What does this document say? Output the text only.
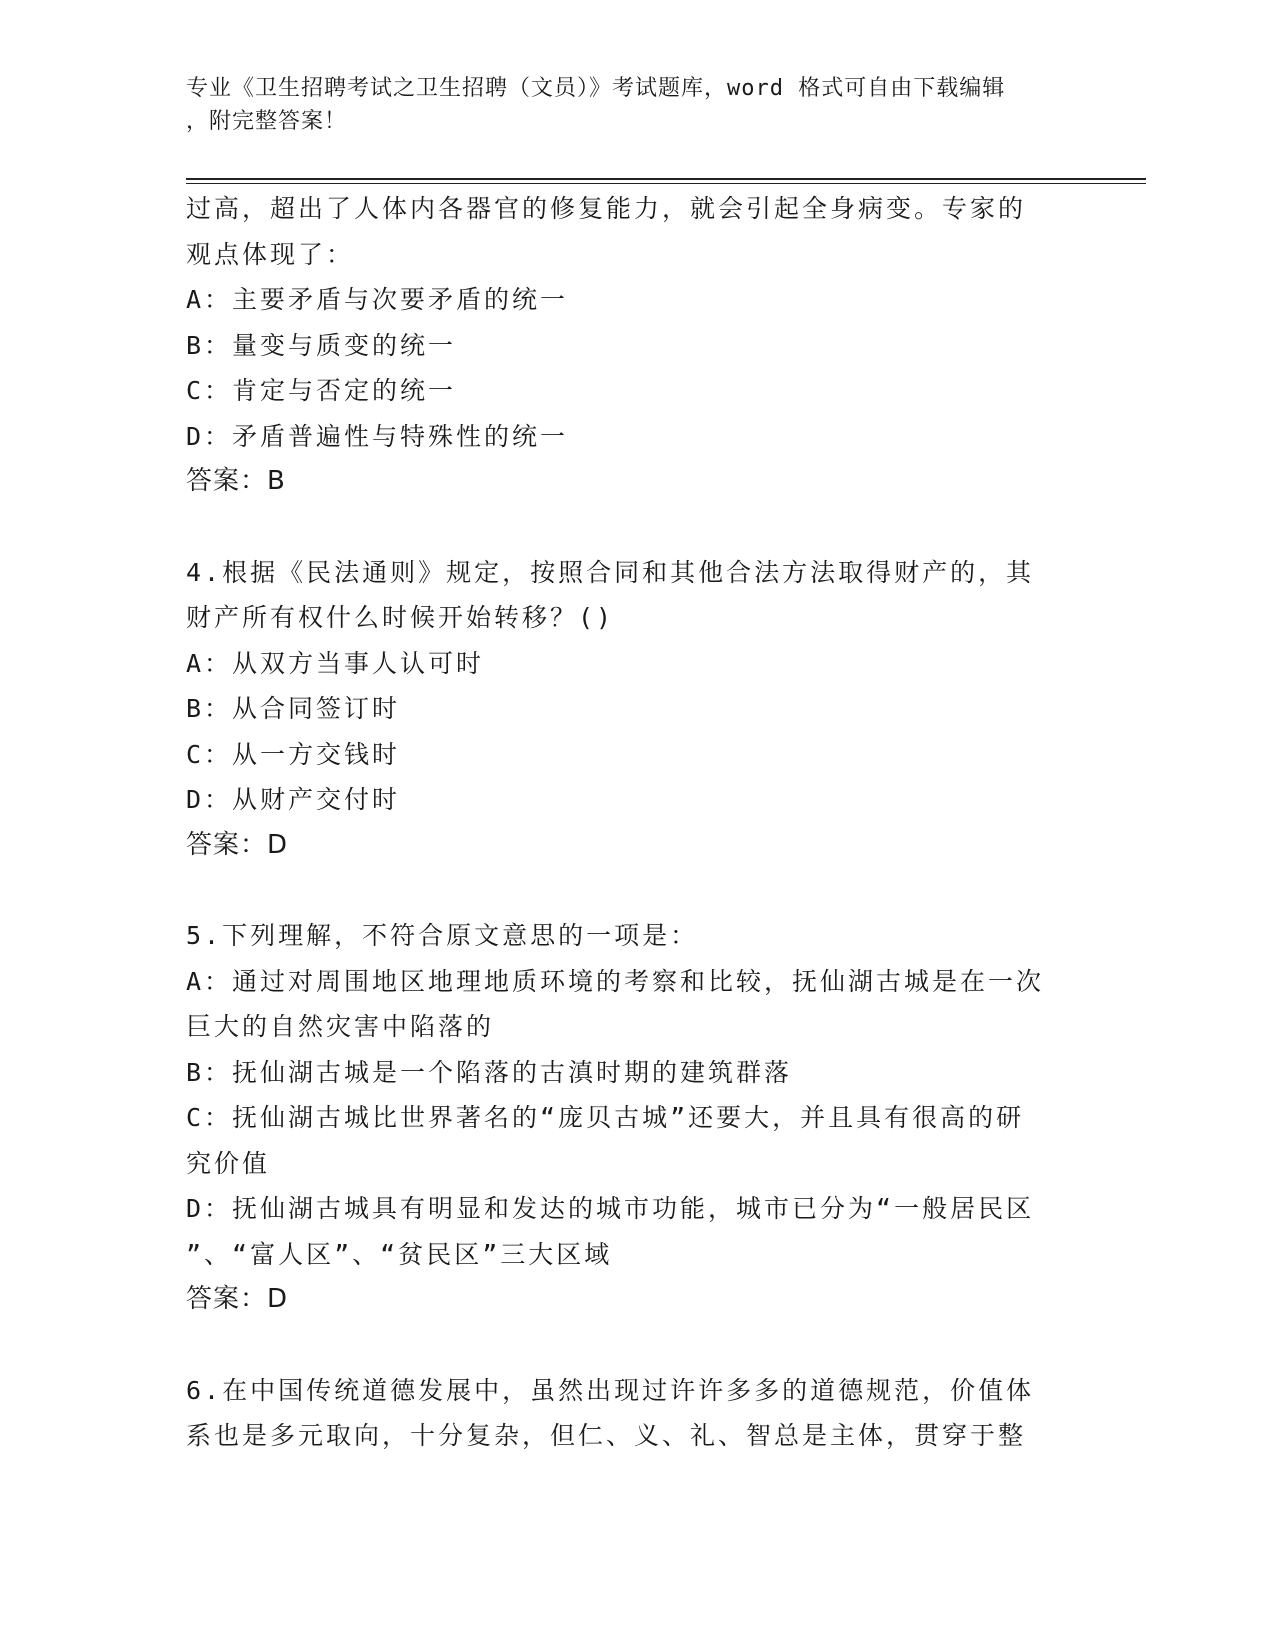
专业《卫生招聘考试之卫生招聘（文员）》考试题库，word 格式可自由下载编辑
，附完整答案！

过高，超出了人体内各器官的修复能力，就会引起全身病变。专家的

观点体现了：

A：主要矛盾与次要矛盾的统一

B：量变与质变的统一

C：肯定与否定的统一

D：矛盾普遍性与特殊性的统一

答案：B

4.根据《民法通则》规定，按照合同和其他合法方法取得财产的，其

财产所有权什么时候开始转移？()

A：从双方当事人认可时

B：从合同签订时

C：从一方交钱时

D：从财产交付时

答案：D

5.下列理解，不符合原文意思的一项是：

A：通过对周围地区地理地质环境的考察和比较，抚仙湖古城是在一次

巨大的自然灾害中陷落的

B：抚仙湖古城是一个陷落的古滇时期的建筑群落

C：抚仙湖古城比世界著名的“庞贝古城”还要大，并且具有很高的研

究价值

D：抚仙湖古城具有明显和发达的城市功能，城市已分为“一般居民区

”、“富人区”、“贫民区”三大区域

答案：D

6.在中国传统道德发展中，虽然出现过许许多多的道德规范，价值体

系也是多元取向，十分复杂，但仁、义、礼、智总是主体，贯穿于整
